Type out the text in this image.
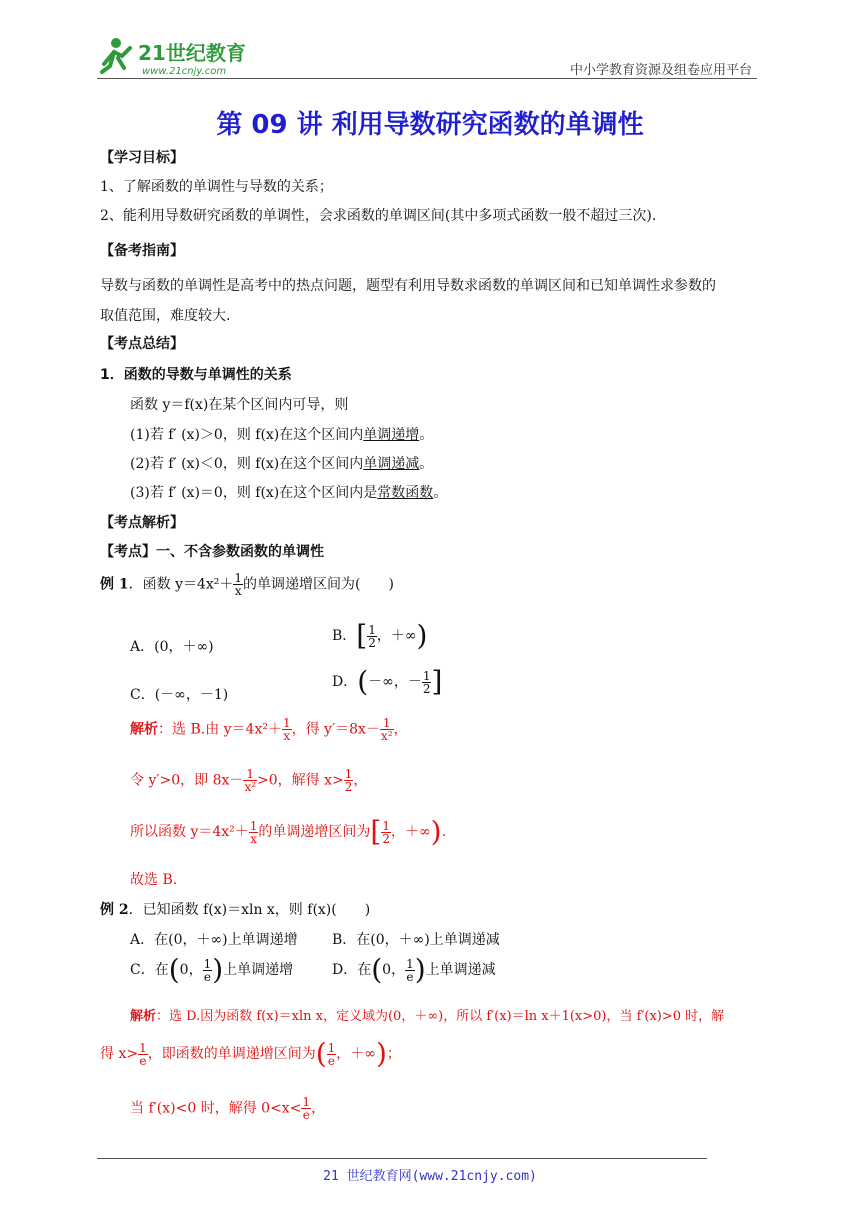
21世纪教育
www.21cnjy.com	中小学教育资源及组卷应用平台
第 09 讲 利用导数研究函数的单调性
【学习目标】
1、了解函数的单调性与导数的关系；
2、能利用导数研究函数的单调性，会求函数的单调区间(其中多项式函数一般不超过三次).
【备考指南】
导数与函数的单调性是高考中的热点问题，题型有利用导数求函数的单调区间和已知单调性求参数的
取值范围，难度较大.
【考点总结】
1．函数的导数与单调性的关系
函数 y＝f(x)在某个区间内可导，则
(1)若 f′ (x)＞0，则 f(x)在这个区间内单调递增。
(2)若 f′ (x)＜0，则 f(x)在这个区间内单调递减。
(3)若 f′ (x)＝0，则 f(x)在这个区间内是常数函数。
【考点解析】
【考点】一、不含参数函数的单调性
例 1．函数 $y=4x^2+ \frac{1}{x}$ 的单调递增区间为(　　)
A．(0，＋∞)
B．[ $\frac{1}{2}$ ，＋∞)
C．(－∞，－1)
D．(－∞，－ $\frac{1}{2}$ ]
解析：选 B.由 $y=4x^2+ \frac{1}{x}$ ，得 $y'=8x- \frac{1}{\text{x²}}$ ，
令 y′>0，即 $8x- \frac{1}{\text{x²}} >0$，解得 $x> \frac{1}{2}$ ，
所以函数 $y=4x^2+ \frac{1}{x}$ 的单调递增区间为[ $\frac{1}{2}$ ，＋∞).
故选 B.
例 2．已知函数 f(x)＝xln x，则 f(x)(　　)
A．在(0，＋∞)上单调递增 B．在(0，＋∞)上单调递减
C．在(0， $\frac{1}{e}$ )上单调递增	D．在(0， $\frac{1}{e}$ )上单调递减
解析：选 D.因为函数 f(x)＝xln x，定义域为(0，＋∞)，所以 f′(x)＝ln x＋1(x>0)，当 f′(x)>0 时，解
得 $x> \frac{1}{e}$ ，即函数的单调递增区间为( $\frac{1}{e}$ ，＋∞)；
当 f′(x)<0 时，解得 $0<x< \frac{1}{e}$ ，
21 世纪教育网(www.21cnjy.com)
